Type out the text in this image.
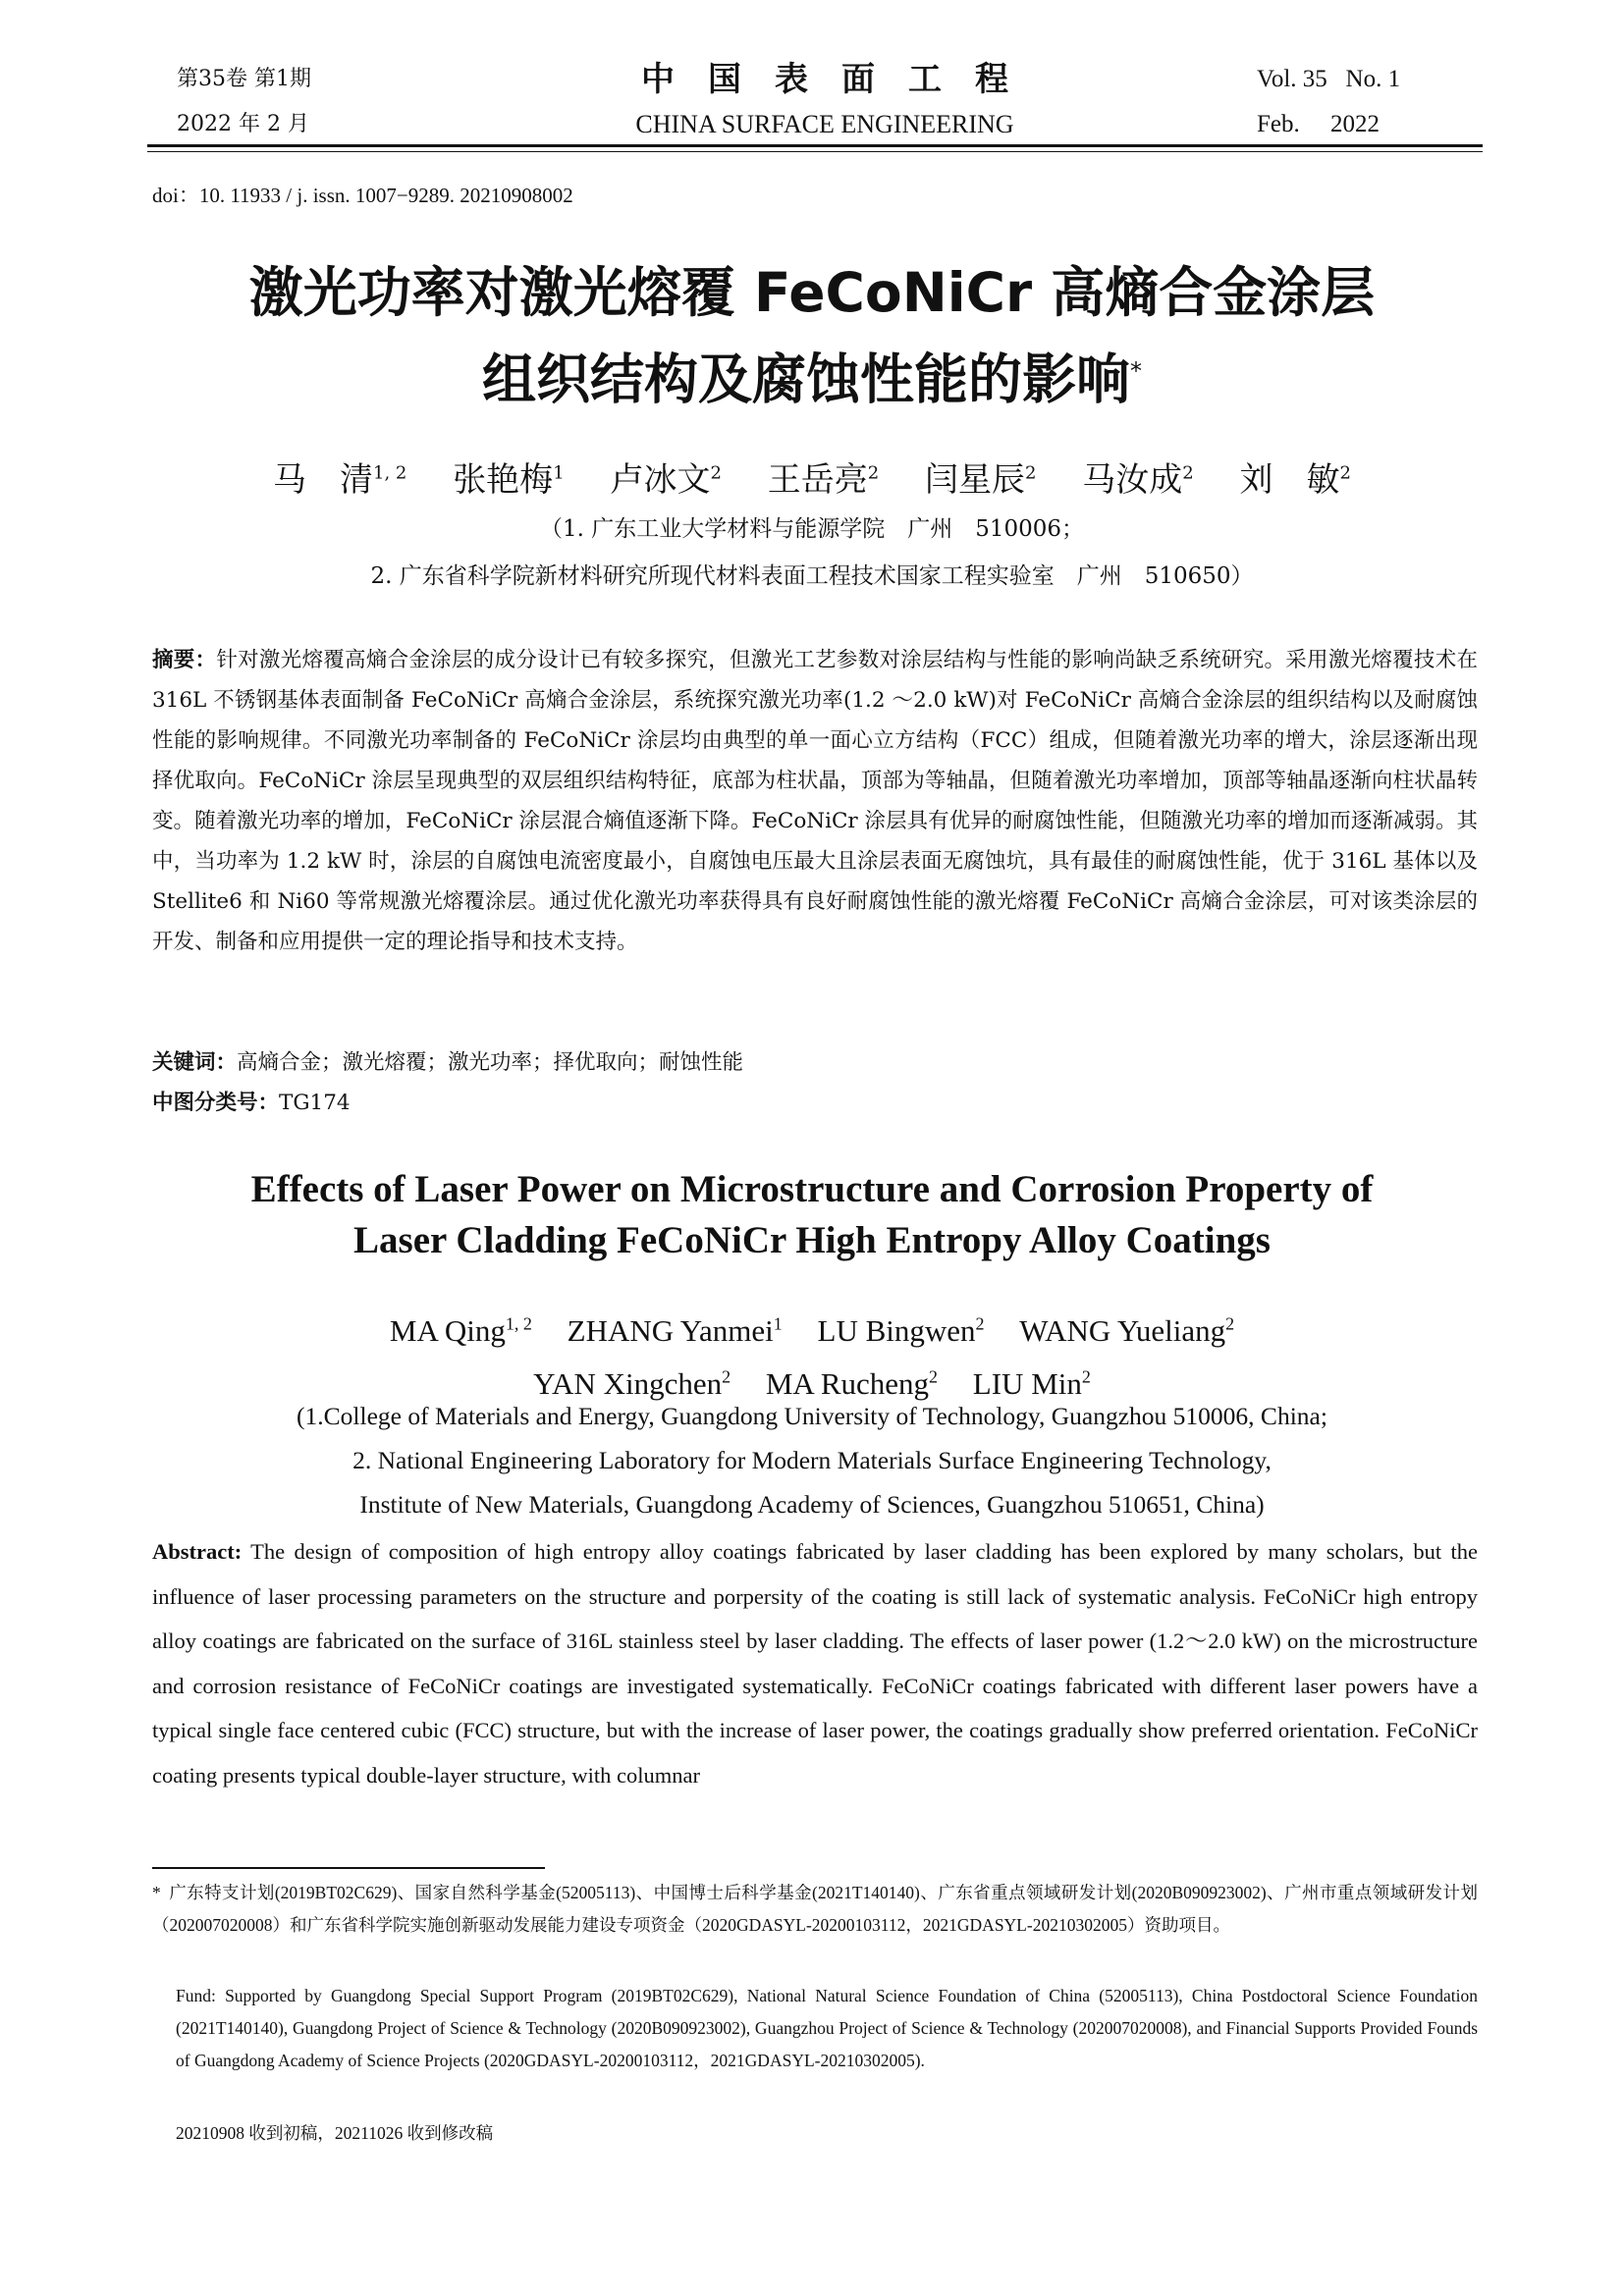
第35卷 第1期
2022 年 2 月
中国表面工程
CHINA SURFACE ENGINEERING
Vol. 35   No. 1
Feb.     2022
doi：10. 11933 / j. issn. 1007−9289. 20210908002
激光功率对激光熔覆 FeCoNiCr 高熵合金涂层
组织结构及腐蚀性能的影响*
马　清$^{1, 2}$ 张艳梅$^1$ 卢冰文$^2$ 王岳亮$^2$ 闫星辰$^2$ 马汝成$^2$ 刘　敏$^2$
（1. 广东工业大学材料与能源学院　广州　510006；
2. 广东省科学院新材料研究所现代材料表面工程技术国家工程实验室　广州　510650）
摘要：针对激光熔覆高熵合金涂层的成分设计已有较多探究，但激光工艺参数对涂层结构与性能的影响尚缺乏系统研究。采用激光熔覆技术在 316L 不锈钢基体表面制备 FeCoNiCr 高熵合金涂层，系统探究激光功率(1.2 ～2.0 kW)对 FeCoNiCr 高熵合金涂层的组织结构以及耐腐蚀性能的影响规律。不同激光功率制备的 FeCoNiCr 涂层均由典型的单一面心立方结构（FCC）组成，但随着激光功率的增大，涂层逐渐出现择优取向。FeCoNiCr 涂层呈现典型的双层组织结构特征，底部为柱状晶，顶部为等轴晶，但随着激光功率增加，顶部等轴晶逐渐向柱状晶转变。随着激光功率的增加，FeCoNiCr 涂层混合熵值逐渐下降。FeCoNiCr 涂层具有优异的耐腐蚀性能，但随激光功率的增加而逐渐减弱。其中，当功率为 1.2 kW 时，涂层的自腐蚀电流密度最小，自腐蚀电压最大且涂层表面无腐蚀坑，具有最佳的耐腐蚀性能，优于 316L 基体以及 Stellite6 和 Ni60 等常规激光熔覆涂层。通过优化激光功率获得具有良好耐腐蚀性能的激光熔覆 FeCoNiCr 高熵合金涂层，可对该类涂层的开发、制备和应用提供一定的理论指导和技术支持。
关键词：高熵合金；激光熔覆；激光功率；择优取向；耐蚀性能
中图分类号：TG174
Effects of Laser Power on Microstructure and Corrosion Property of
Laser Cladding FeCoNiCr High Entropy Alloy Coatings
MA Qing$^{1, 2}$ ZHANG Yanmei$^1$ LU Bingwen$^2$ WANG Yueliang$^2$
YAN Xingchen$^2$ MA Rucheng$^2$ LIU Min$^2$
(1.College of Materials and Energy, Guangdong University of Technology, Guangzhou 510006, China;
2. National Engineering Laboratory for Modern Materials Surface Engineering Technology,
Institute of New Materials, Guangdong Academy of Sciences, Guangzhou 510651, China)
Abstract: The design of composition of high entropy alloy coatings fabricated by laser cladding has been explored by many scholars, but the influence of laser processing parameters on the structure and porpersity of the coating is still lack of systematic analysis. FeCoNiCr high entropy alloy coatings are fabricated on the surface of 316L stainless steel by laser cladding. The effects of laser power (1.2～2.0 kW) on the microstructure and corrosion resistance of FeCoNiCr coatings are investigated systematically. FeCoNiCr coatings fabricated with different laser powers have a typical single face centered cubic (FCC) structure, but with the increase of laser power, the coatings gradually show preferred orientation. FeCoNiCr coating presents typical double-layer structure, with columnar
* 广东特支计划(2019BT02C629)、国家自然科学基金(52005113)、中国博士后科学基金(2021T140140)、广东省重点领域研发计划(2020B090923002)、广州市重点领域研发计划（202007020008）和广东省科学院实施创新驱动发展能力建设专项资金（2020GDASYL-20200103112，2021GDASYL-20210302005）资助项目。
Fund: Supported by Guangdong Special Support Program (2019BT02C629), National Natural Science Foundation of China (52005113), China Postdoctoral Science Foundation (2021T140140), Guangdong Project of Science & Technology (2020B090923002), Guangzhou Project of Science & Technology (202007020008), and Financial Supports Provided Founds of Guangdong Academy of Science Projects (2020GDASYL-20200103112，2021GDASYL-20210302005).
20210908 收到初稿，20211026 收到修改稿
